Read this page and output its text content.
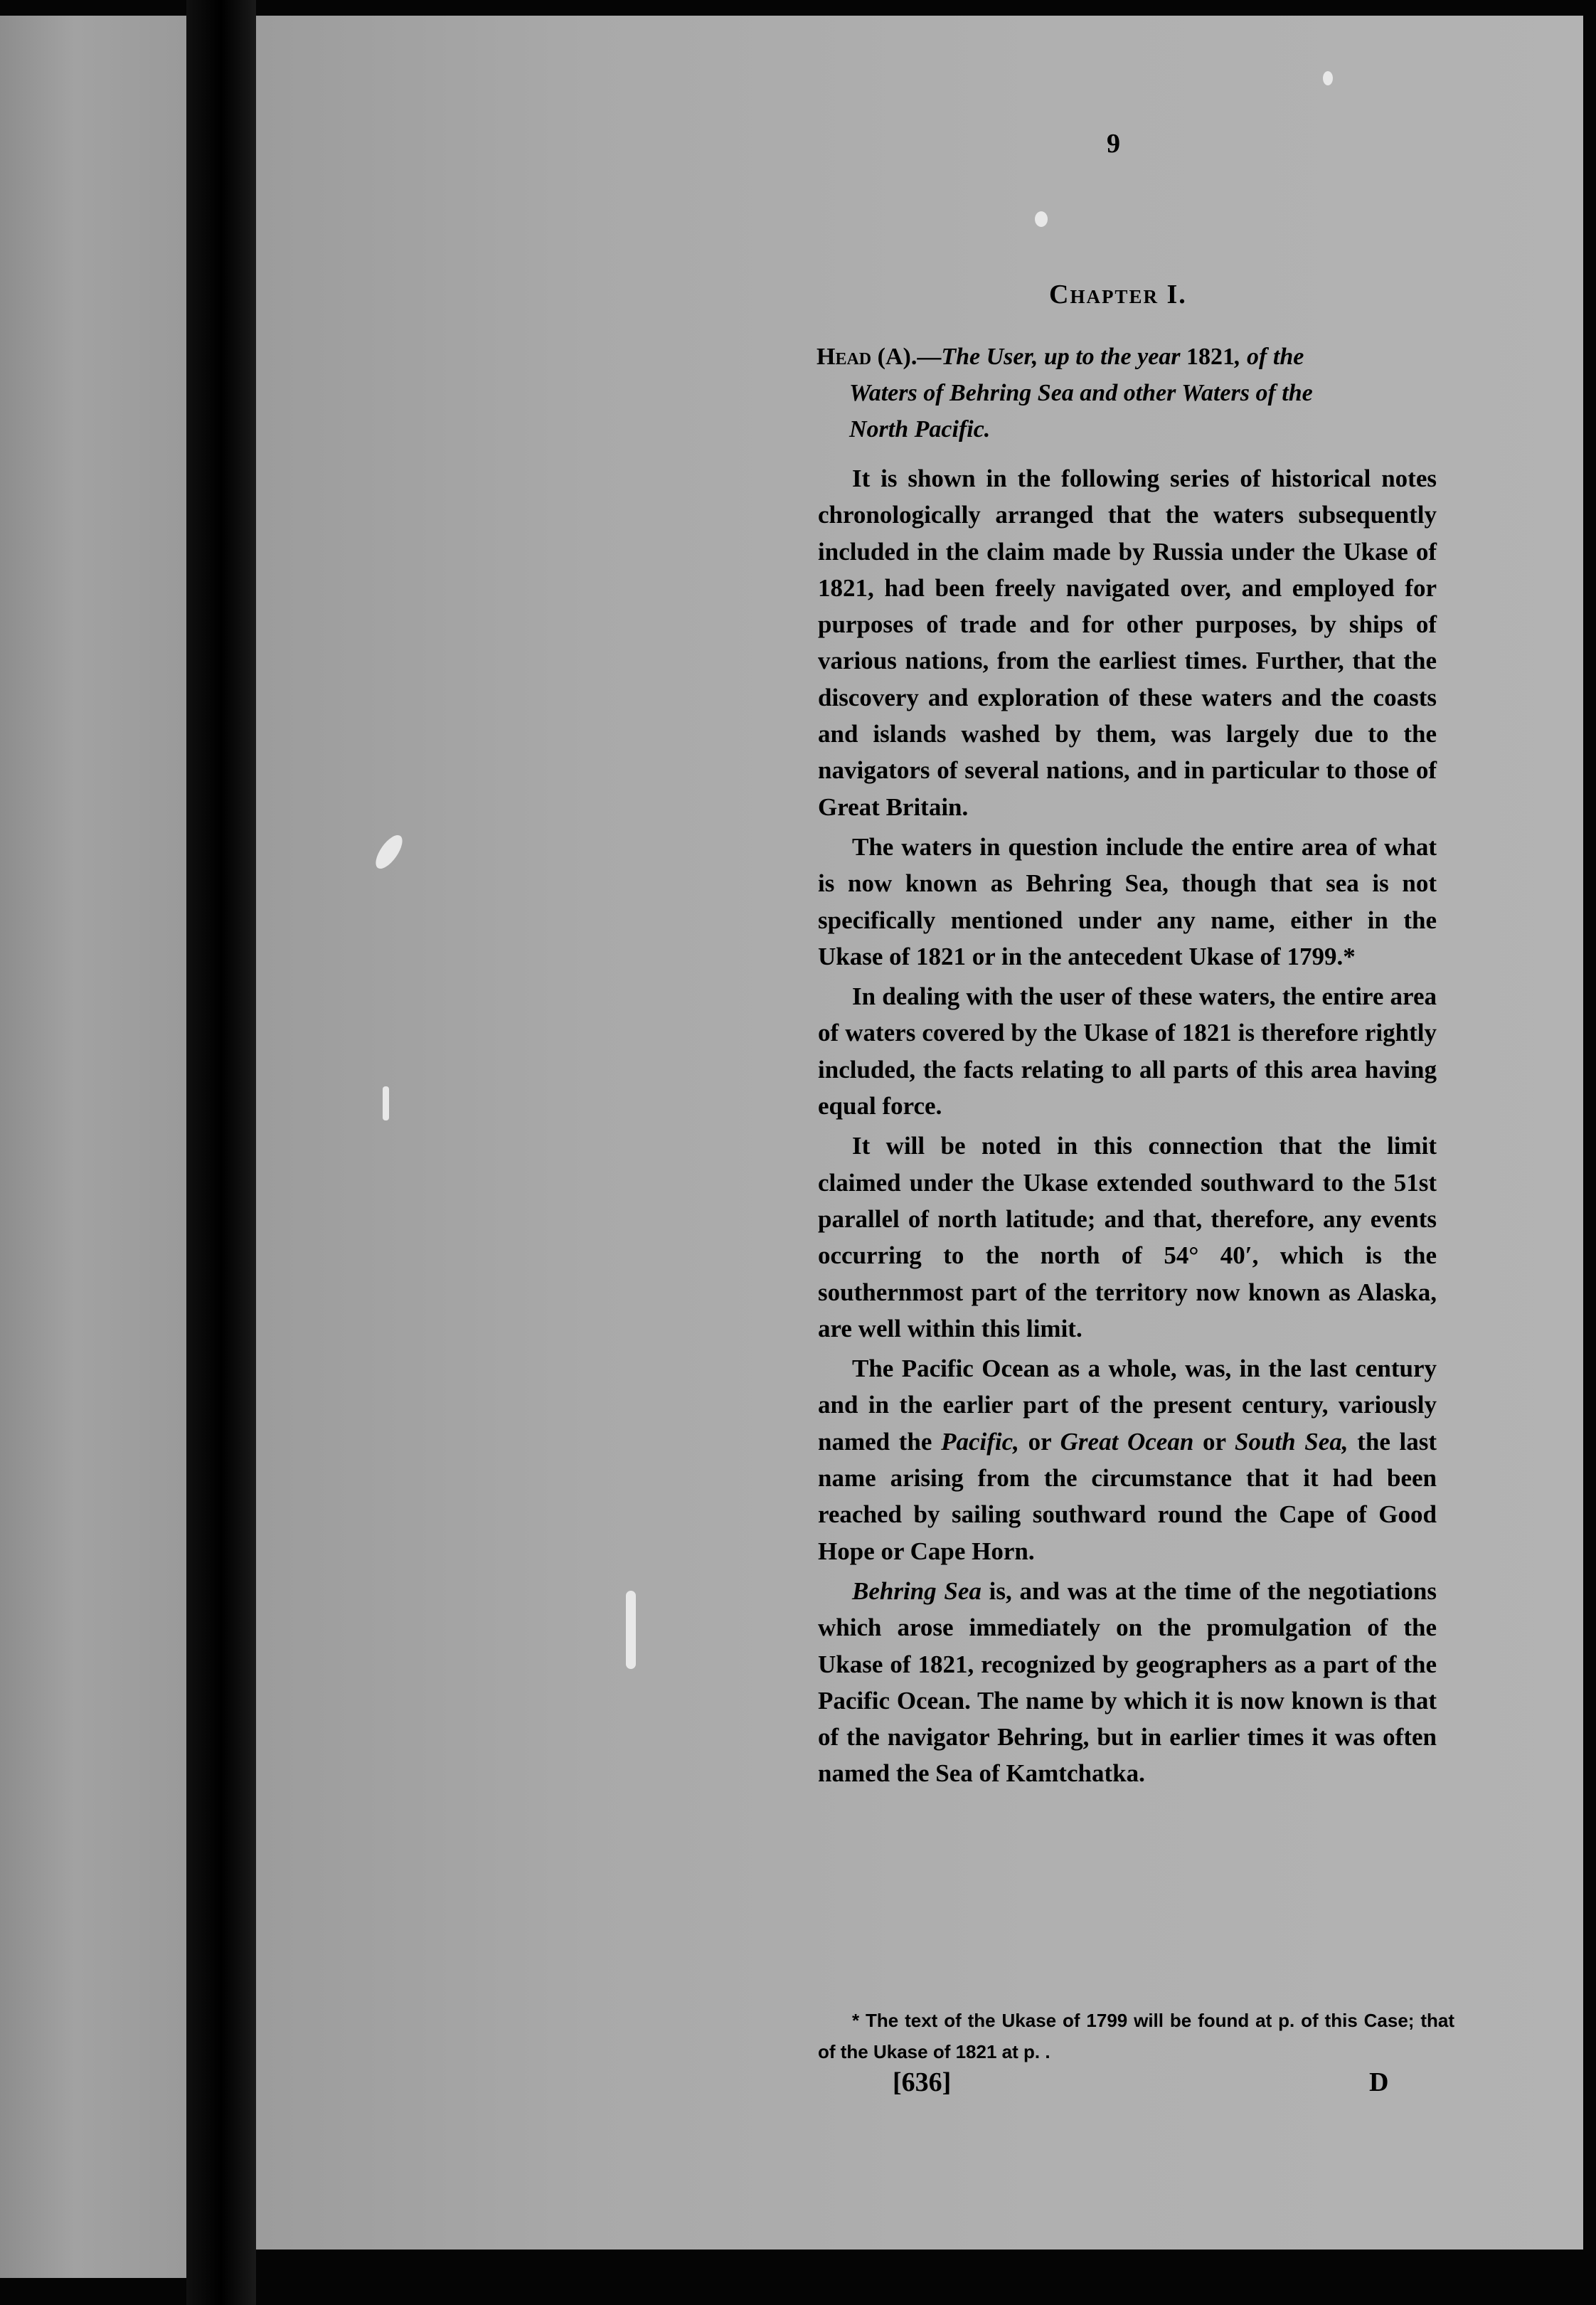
9
Chapter I.
Head (A).—The User, up to the year 1821, of the
Waters of Behring Sea and other Waters of the
North Pacific.

It is shown in the following series of historical notes chronologically arranged that the waters subsequently included in the claim made by Russia under the Ukase of 1821, had been freely navigated over, and employed for purposes of trade and for other purposes, by ships of various nations, from the earliest times. Further, that the discovery and exploration of these waters and the coasts and islands washed by them, was largely due to the navigators of several nations, and in particular to those of Great Britain.

The waters in question include the entire area of what is now known as Behring Sea, though that sea is not specifically mentioned under any name, either in the Ukase of 1821 or in the antecedent Ukase of 1799.*

In dealing with the user of these waters, the entire area of waters covered by the Ukase of 1821 is therefore rightly included, the facts relating to all parts of this area having equal force.

It will be noted in this connection that the limit claimed under the Ukase extended southward to the 51st parallel of north latitude; and that, therefore, any events occurring to the north of 54° 40′, which is the southernmost part of the territory now known as Alaska, are well within this limit.

The Pacific Ocean as a whole, was, in the last century and in the earlier part of the present century, variously named the Pacific, or Great Ocean or South Sea, the last name arising from the circumstance that it had been reached by sailing southward round the Cape of Good Hope or Cape Horn.

Behring Sea is, and was at the time of the negotiations which arose immediately on the promulgation of the Ukase of 1821, recognized by geographers as a part of the Pacific Ocean. The name by which it is now known is that of the navigator Behring, but in earlier times it was often named the Sea of Kamtchatka.

* The text of the Ukase of 1799 will be found at p. of this Case; that of the Ukase of 1821 at p. .

[636]	D
